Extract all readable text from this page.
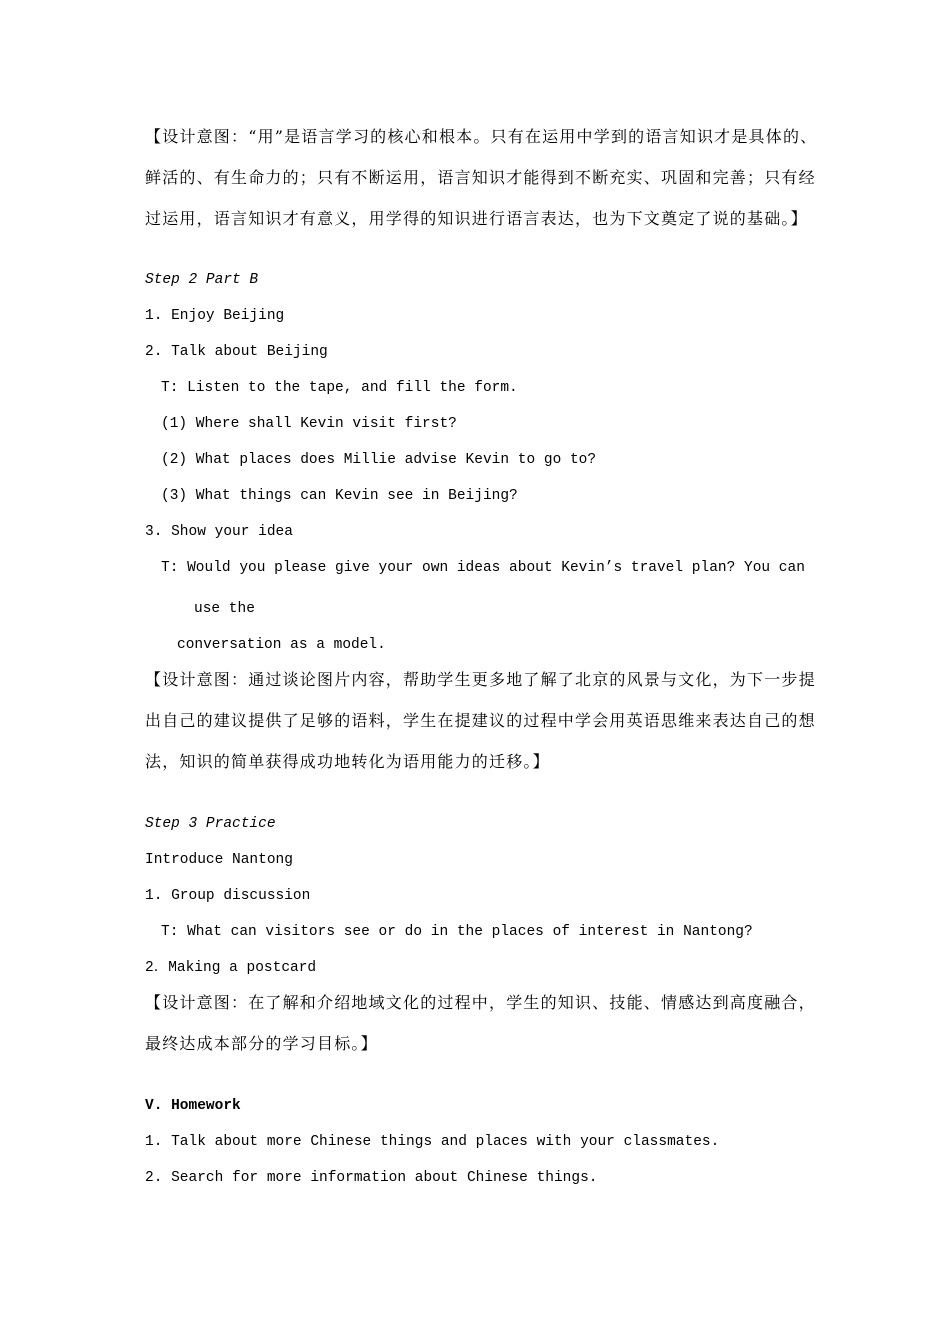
【设计意图：“用”是语言学习的核心和根本。只有在运用中学到的语言知识才是具体的、
鲜活的、有生命力的；只有不断运用，语言知识才能得到不断充实、巩固和完善；只有经
过运用，语言知识才有意义，用学得的知识进行语言表达，也为下文奠定了说的基础。】
Step 2 Part B
1. Enjoy Beijing
2. Talk about Beijing
T: Listen to the tape, and fill the form.
(1) Where shall Kevin visit first?
(2) What places does Millie advise Kevin to go to?
(3) What things can Kevin see in Beijing?
3. Show your idea
T: Would you please give your own ideas about Kevin’s travel plan? You can
use the
conversation as a model.
【设计意图：通过谈论图片内容，帮助学生更多地了解了北京的风景与文化，为下一步提
出自己的建议提供了足够的语料，学生在提建议的过程中学会用英语思维来表达自己的想
法，知识的简单获得成功地转化为语用能力的迁移。】
Step 3 Practice
Introduce Nantong
1. Group discussion
T: What can visitors see or do in the places of interest in Nantong?
2．Making a postcard
【设计意图：在了解和介绍地域文化的过程中，学生的知识、技能、情感达到高度融合，
最终达成本部分的学习目标。】
V. Homework
1. Talk about more Chinese things and places with your classmates.
2. Search for more information about Chinese things.
